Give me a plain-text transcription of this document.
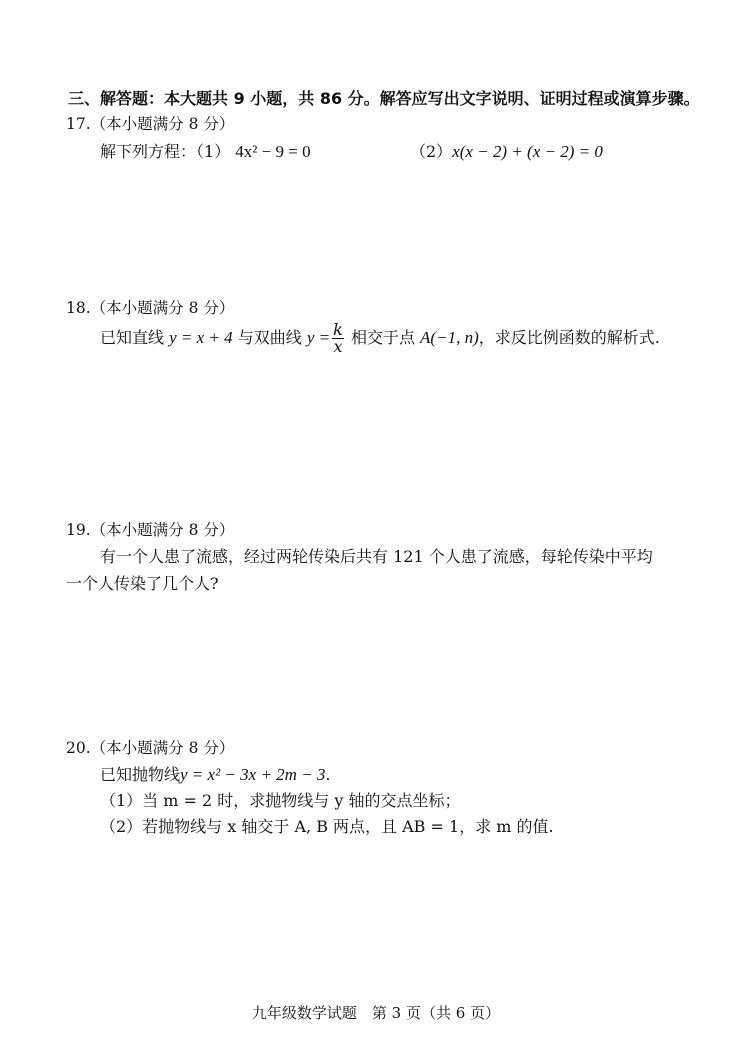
三、解答题：本大题共 9 小题，共 86 分。解答应写出文字说明、证明过程或演算步骤。
17.（本小题满分 8 分）
解下列方程：（1） 4x² − 9 = 0	（2）x(x − 2) + (x − 2) = 0
18.（本小题满分 8 分）
已知直线 y = x + 4 与双曲线 $y = \frac{k}{x}$ 相交于点 A(−1, n)，求反比例函数的解析式.
19.（本小题满分 8 分）
有一个人患了流感，经过两轮传染后共有 121 个人患了流感，每轮传染中平均
一个人传染了几个人?
20.（本小题满分 8 分）
已知抛物线y = x² − 3x + 2m − 3.
（1）当 m = 2 时，求抛物线与 y 轴的交点坐标；
（2）若抛物线与 x 轴交于 A, B 两点，且 AB = 1，求 m 的值.
九年级数学试题　第 3 页（共 6 页）
